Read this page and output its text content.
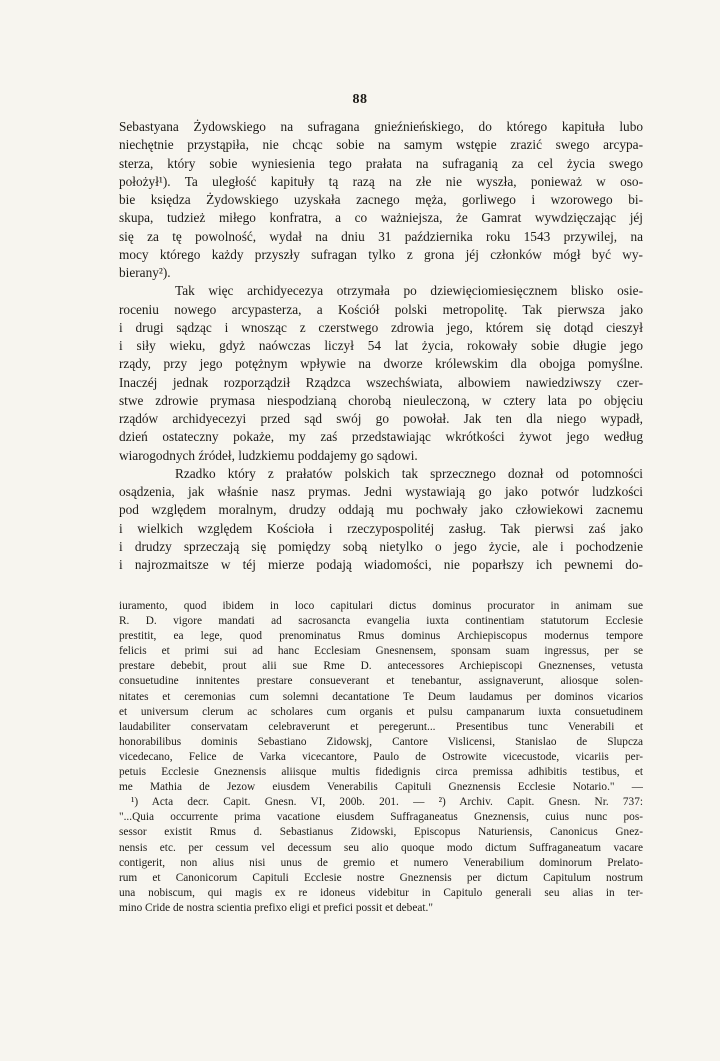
88

Sebastyana Żydowskiego na sufragana gnieźnieńskiego, do którego kapituła lubo

niechętnie przystąpiła, nie chcąc sobie na samym wstępie zrazić swego arcypa-

sterza, który sobie wyniesienia tego prałata na sufraganią za cel życia swego

położył¹). Ta uległość kapituły tą razą na złe nie wyszła, ponieważ w oso-

bie księdza Żydowskiego uzyskała zacnego męża, gorliwego i wzorowego bi-

skupa, tudzież miłego konfratra, a co ważniejsza, że Gamrat wywdzięczając jéj

się za tę powolność, wydał na dniu 31 października roku 1543 przywilej, na

mocy którego każdy przyszły sufragan tylko z grona jéj członków mógł być wy-

bierany²).

Tak więc archidyecezya otrzymała po dziewięciomiesięcznem blisko osie-

roceniu nowego arcypasterza, a Kościół polski metropolitę. Tak pierwsza jako

i drugi sądząc i wnosząc z czerstwego zdrowia jego, którem się dotąd cieszył

i siły wieku, gdyż naówczas liczył 54 lat życia, rokowały sobie długie jego

rządy, przy jego potężnym wpływie na dworze królewskim dla obojga pomyślne.

Inaczéj jednak rozporządził Rządzca wszechświata, albowiem nawiedziwszy czer-

stwe zdrowie prymasa niespodzianą chorobą nieuleczoną, w cztery lata po objęciu

rządów archidyecezyi przed sąd swój go powołał. Jak ten dla niego wypadł,

dzień ostateczny pokaże, my zaś przedstawiając wkrótkości żywot jego według

wiarogodnych źródeł, ludzkiemu poddajemy go sądowi.

Rzadko który z prałatów polskich tak sprzecznego doznał od potomności

osądzenia, jak właśnie nasz prymas. Jedni wystawiają go jako potwór ludzkości

pod względem moralnym, drudzy oddają mu pochwały jako człowiekowi zacnemu

i wielkich względem Kościoła i rzeczypospolitéj zasług. Tak pierwsi zaś jako

i drudzy sprzeczają się pomiędzy sobą nietylko o jego życie, ale i pochodzenie

i najrozmaitsze w téj mierze podają wiadomości, nie poparłszy ich pewnemi do-

iuramento, quod ibidem in loco capitulari dictus dominus procurator in animam sue

R. D. vigore mandati ad sacrosancta evangelia iuxta continentiam statutorum Ecclesie

prestitit, ea lege, quod prenominatus Rmus dominus Archiepiscopus modernus tempore

felicis et primi sui ad hanc Ecclesiam Gnesnensem, sponsam suam ingressus, per se

prestare debebit, prout alii sue Rme D. antecessores Archiepiscopi Gneznenses, vetusta

consuetudine innitentes prestare consueverant et tenebantur, assignaverunt, aliosque solen-

nitates et ceremonias cum solemni decantatione Te Deum laudamus per dominos vicarios

et universum clerum ac scholares cum organis et pulsu campanarum iuxta consuetudinem

laudabiliter conservatam celebraverunt et peregerunt... Presentibus tunc Venerabili et

honorabilibus dominis Sebastiano Zidowskj, Cantore Vislicensi, Stanislao de Slupcza

vicedecano, Felice de Varka vicecantore, Paulo de Ostrowite vicecustode, vicariis per-

petuis Ecclesie Gneznensis aliisque multis fidedignis circa premissa adhibitis testibus, et

me Mathia de Jezow eiusdem Venerabilis Capituli Gneznensis Ecclesie Notario." —

¹) Acta decr. Capit. Gnesn. VI, 200b. 201. — ²) Archiv. Capit. Gnesn. Nr. 737:

"...Quia occurrente prima vacatione eiusdem Suffraganeatus Gneznensis, cuius nunc pos-

sessor existit Rmus d. Sebastianus Zidowski, Episcopus Naturiensis, Canonicus Gnez-

nensis etc. per cessum vel decessum seu alio quoque modo dictum Suffraganeatum vacare

contigerit, non alius nisi unus de gremio et numero Venerabilium dominorum Prelato-

rum et Canonicorum Capituli Ecclesie nostre Gneznensis per dictum Capitulum nostrum

una nobiscum, qui magis ex re idoneus videbitur in Capitulo generali seu alias in ter-

mino Cride de nostra scientia prefixo eligi et prefici possit et debeat."
